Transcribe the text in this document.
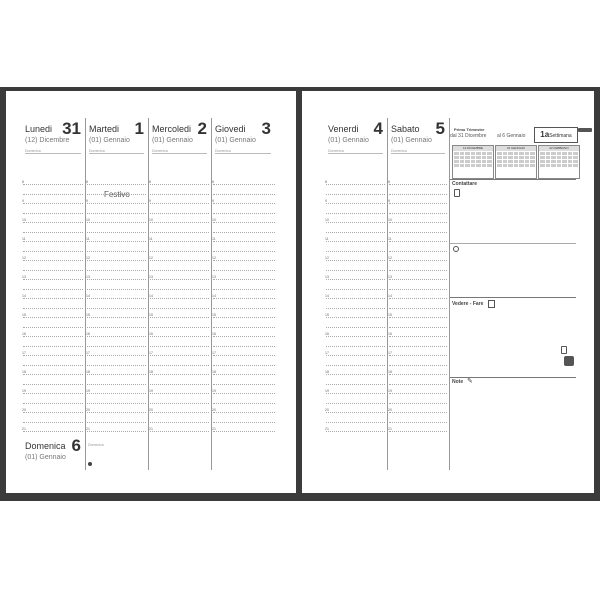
Lunedi 31
(12) Dicembre
Domenica
Martedi 1
(01) Gennaio
Domenica
Mercoledi 2
(01) Gennaio
Domenica
Giovedi 3
(01) Gennaio
Domenica
Festivo
8	8	8	8
9	9	9	9
10	10	10	10
11	11	11	11
12	12	12	12
13	13	13	13
14	14	14	14
15	15	15	15
16	16	16	16
17	17	17	17
18	18	18	18
19	19	19	19
20	20	20	20
21	21	21	21
Domenica 6
(01) Gennaio
Domenica
Venerdi 4
(01) Gennaio
Domenica
Sabato 5
(01) Gennaio
Domenica
8	8
9	9
10	10
11	11
12	12
13	13
14	14
15	15
16	16
17	17
18	18
19	19
20	20
21	21
Primo Trimestre
dal 31 Dicembre al 6 Gennaio	1aSettimana
12 DICEMBRE	01 GENNAIO	02 FEBBRAIO
Contattare
Vedere - Fare
Note ✎
